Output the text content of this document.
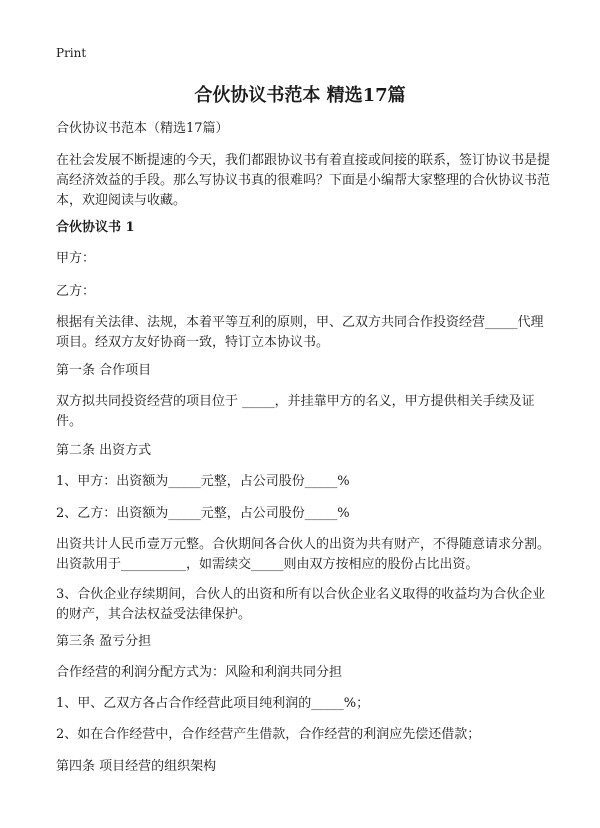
Print
合伙协议书范本 精选17篇

合伙协议书范本（精选17篇）

在社会发展不断提速的今天，我们都跟协议书有着直接或间接的联系，签订协议书是提高经济效益的手段。那么写协议书真的很难吗？下面是小编帮大家整理的合伙协议书范本，欢迎阅读与收藏。

合伙协议书 1

甲方：

乙方：

根据有关法律、法规，本着平等互利的原则，甲、乙双方共同合作投资经营_____代理项目。经双方友好协商一致，特订立本协议书。

第一条 合作项目

双方拟共同投资经营的项目位于 _____，并挂靠甲方的名义，甲方提供相关手续及证件。

第二条 出资方式

1、甲方：出资额为_____元整，占公司股份_____%

2、乙方：出资额为_____元整，占公司股份_____%

出资共计人民币壹万元整。合伙期间各合伙人的出资为共有财产，不得随意请求分割。出资款用于__________，如需续交_____则由双方按相应的股份占比出资。

3、合伙企业存续期间，合伙人的出资和所有以合伙企业名义取得的收益均为合伙企业的财产，其合法权益受法律保护。

第三条 盈亏分担

合作经营的利润分配方式为：风险和利润共同分担

1、甲、乙双方各占合作经营此项目纯利润的_____%；

2、如在合作经营中，合作经营产生借款，合作经营的利润应先偿还借款；

第四条 项目经营的组织架构
